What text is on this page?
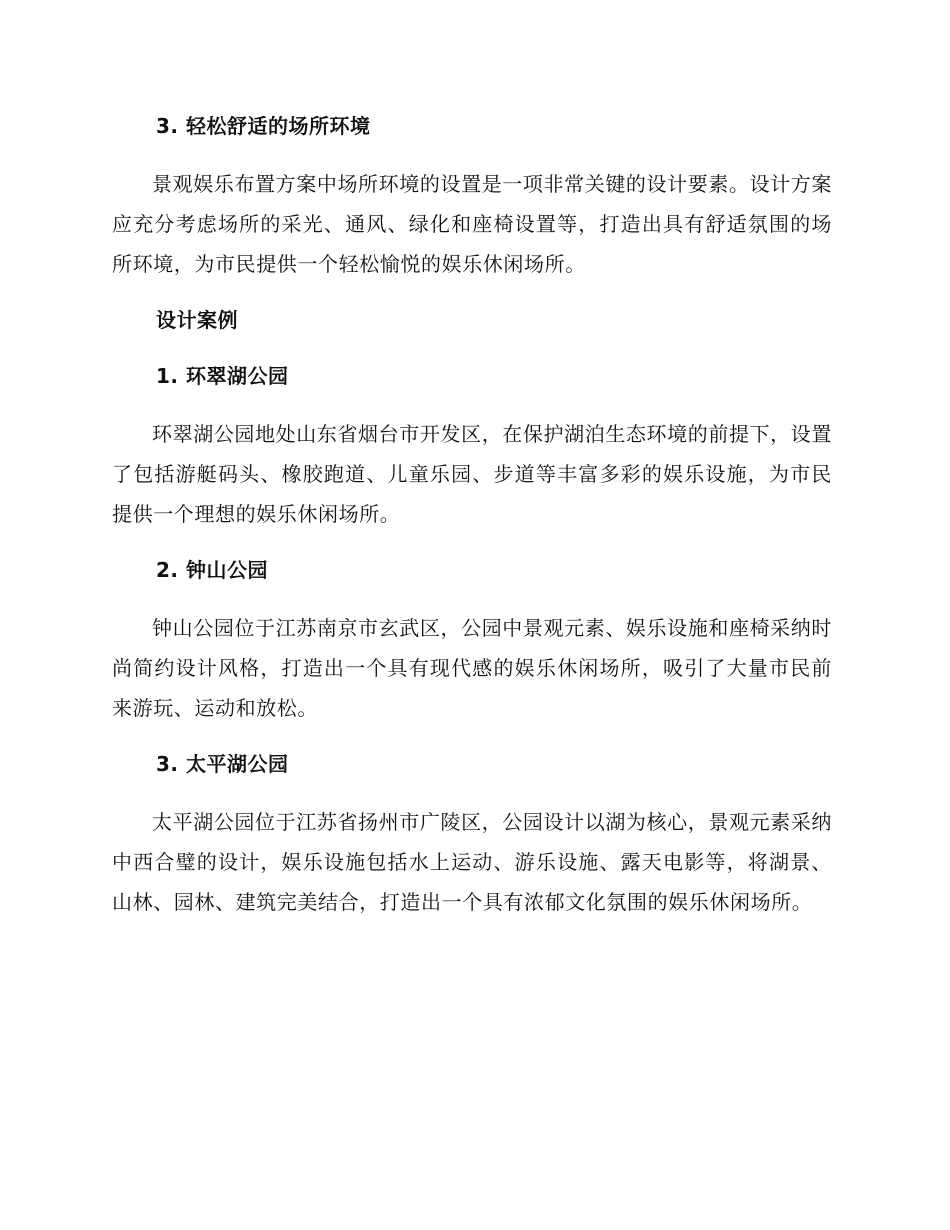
3. 轻松舒适的场所环境

景观娱乐布置方案中场所环境的设置是一项非常关键的设计要素。设计方案应充分考虑场所的采光、通风、绿化和座椅设置等，打造出具有舒适氛围的场所环境，为市民提供一个轻松愉悦的娱乐休闲场所。

设计案例
1. 环翠湖公园

环翠湖公园地处山东省烟台市开发区，在保护湖泊生态环境的前提下，设置了包括游艇码头、橡胶跑道、儿童乐园、步道等丰富多彩的娱乐设施，为市民提供一个理想的娱乐休闲场所。

2. 钟山公园

钟山公园位于江苏南京市玄武区，公园中景观元素、娱乐设施和座椅采纳时尚简约设计风格，打造出一个具有现代感的娱乐休闲场所，吸引了大量市民前来游玩、运动和放松。

3. 太平湖公园

太平湖公园位于江苏省扬州市广陵区，公园设计以湖为核心，景观元素采纳中西合璧的设计，娱乐设施包括水上运动、游乐设施、露天电影等，将湖景、山林、园林、建筑完美结合，打造出一个具有浓郁文化氛围的娱乐休闲场所。
